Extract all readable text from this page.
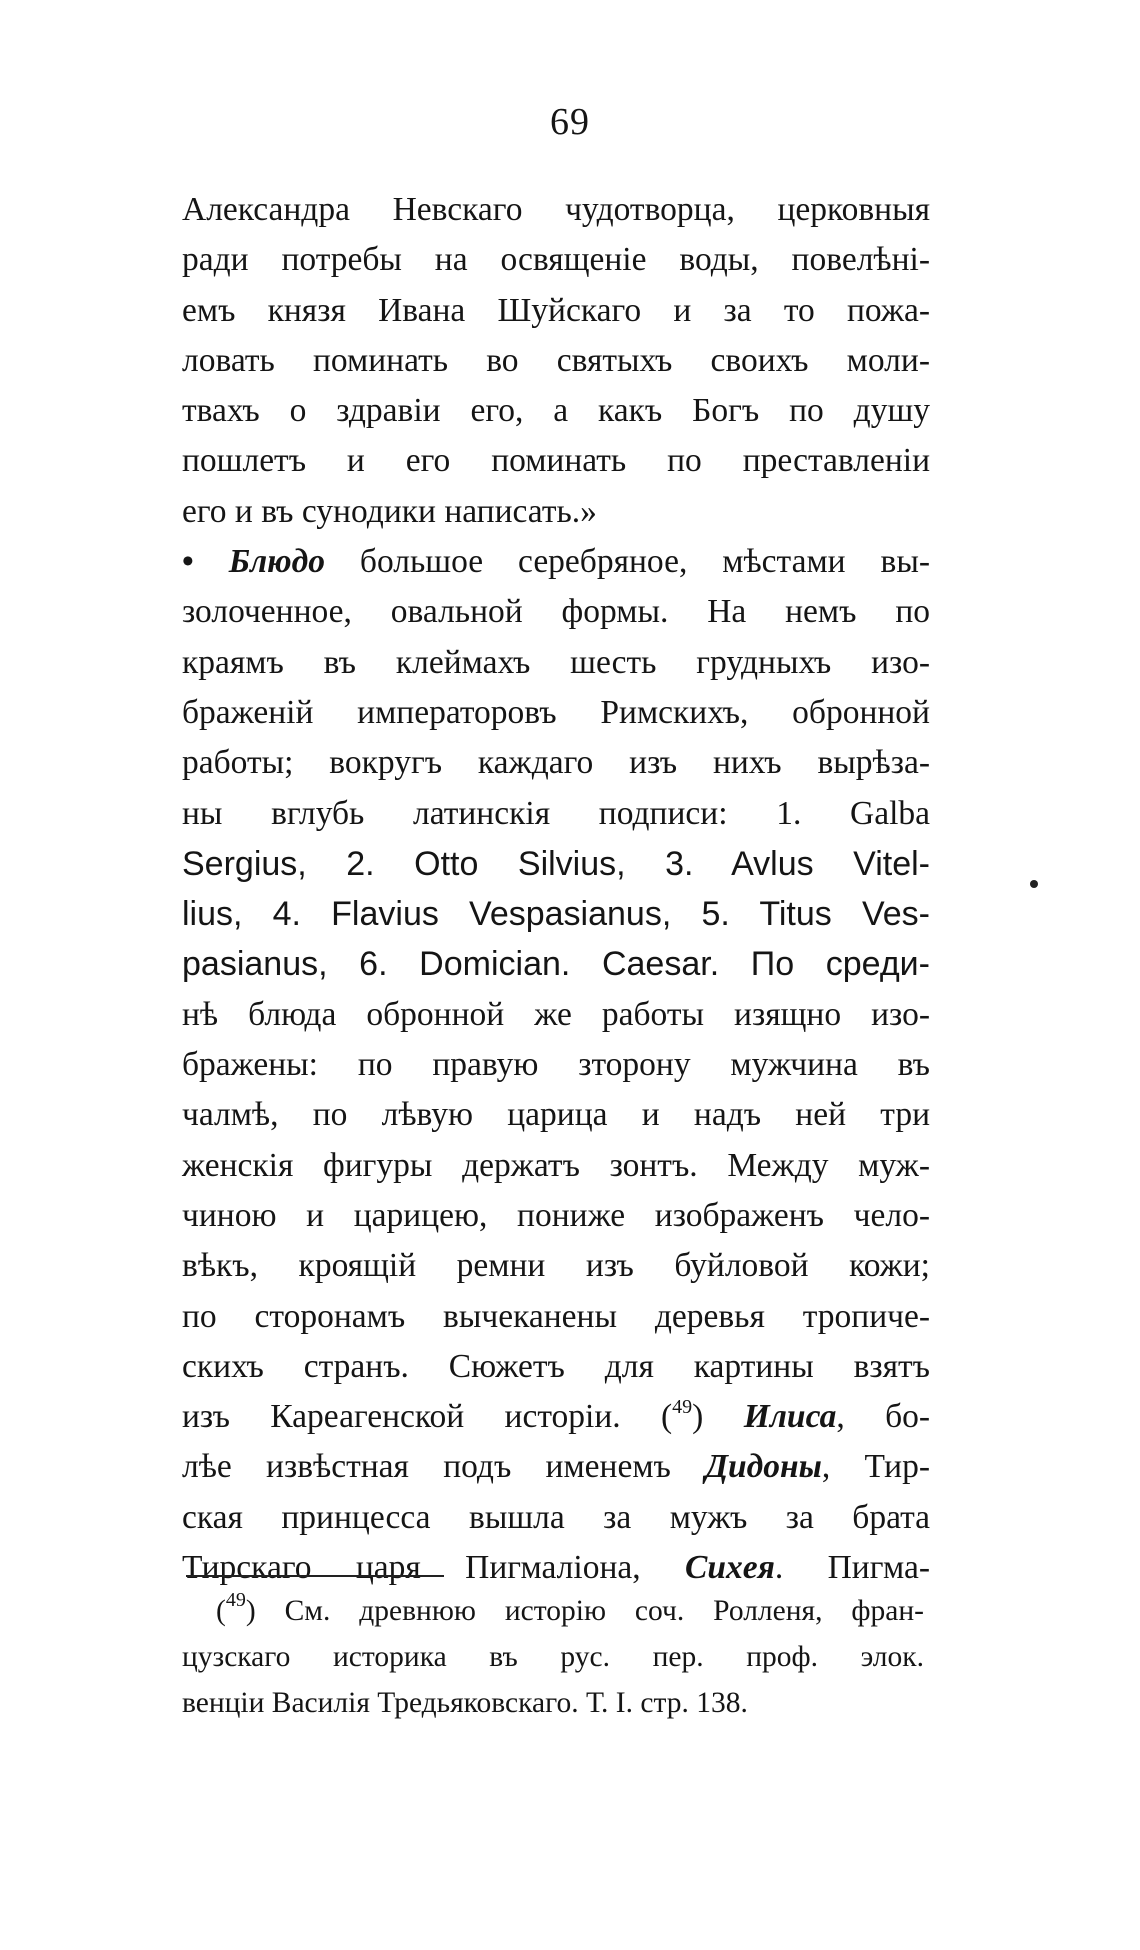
69
Александра Невскаго чудотворца, церковныя
ради потребы на освященіе воды, повелѣні-
емъ князя Ивана Шуйскаго и за то пожа-
ловать поминать во святыхъ своихъ моли-
твахъ о здравіи его, а какъ Богъ по душу
пошлетъ и его поминать по преставленіи
его и въ сунодики написать.»
• Блюдо большое серебряное, мѣстами вы-
золоченное, овальной формы. На немъ по
краямъ въ клеймахъ шесть грудныхъ изо-
браженій императоровъ Римскихъ, обронной
работы; вокругъ каждаго изъ нихъ вырѣза-
ны вглубь латинскія подписи: 1. Galba
Sergius, 2. Otto Silvius, 3. Avlus Vitel-
lius, 4. Flavius Vespasianus, 5. Titus Ves-
pasianus, 6. Domician. Caesar. По среди-
нѣ блюда обронной же работы изящно изо-
бражены: по правую зторону мужчина въ
чалмѣ, по лѣвую царица и надъ ней три
женскія фигуры держатъ зонтъ. Между муж-
чиною и царицею, пониже изображенъ чело-
вѣкъ, кроящій ремни изъ буйловой кожи;
по сторонамъ вычеканены деревья тропиче-
скихъ странъ. Сюжетъ для картины взятъ
изъ Кареагенской исторіи. ($^{49}$) Илиса, бо-
лѣе извѣстная подъ именемъ Дидоны, Тир-
ская принцесса вышла за мужъ за брата
Тирскаго царя Пигмаліона, Сихея. Пигма-
($^{49}$) См. древнюю исторію соч. Ролленя, фран-
цузскаго историка въ рус. пер. проф. элок.
венціи Василія Тредьяковскаго. Т. I. стр. 138.
